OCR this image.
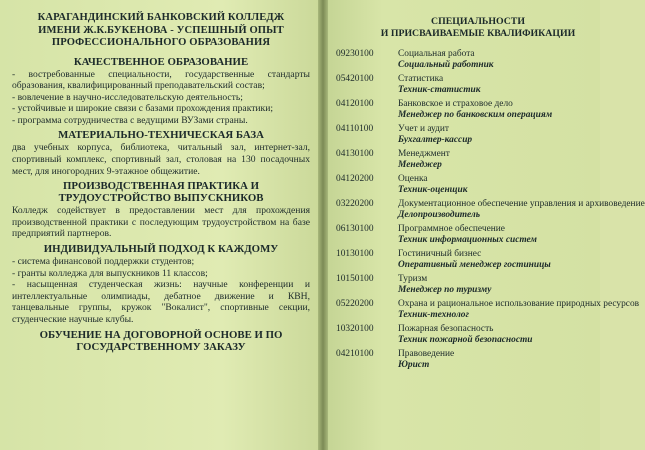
КАРАГАНДИНСКИЙ БАНКОВСКИЙ КОЛЛЕДЖ
ИМЕНИ Ж.К.БУКЕНОВА - УСПЕШНЫЙ ОПЫТ
ПРОФЕССИОНАЛЬНОГО ОБРАЗОВАНИЯ
КАЧЕСТВЕННОЕ ОБРАЗОВАНИЕ
- востребованные специальности, государственные стандарты образования, квалифицированный преподавательский состав;
- вовлечение в научно-исследовательскую деятельность;
- устойчивые и широкие связи с базами прохождения практики;
- программа сотрудничества с ведущими ВУЗами страны.
МАТЕРИАЛЬНО-ТЕХНИЧЕСКАЯ БАЗА

два учебных корпуса, библиотека, читальный зал, интернет-зал, спортивный комплекс, спортивный зал, столовая на 130 посадочных мест, для иногородних 9-этажное общежитие.

ПРОИЗВОДСТВЕННАЯ ПРАКТИКА И
ТРУДОУСТРОЙСТВО ВЫПУСКНИКОВ

Колледж содействует в предоставлении мест для прохождения производственной практики с последующим трудоустройством на базе предприятий партнеров.

ИНДИВИДУАЛЬНЫЙ ПОДХОД К КАЖДОМУ
- система финансовой поддержки студентов;
- гранты колледжа для выпускников 11 классов;
- насыщенная студенческая жизнь: научные конференции и интеллектуальные олимпиады, дебатное движение и КВН, танцевальные группы, кружок "Вокалист", спортивные секции, студенческие научные клубы.
ОБУЧЕНИЕ НА ДОГОВОРНОЙ ОСНОВЕ И ПО
ГОСУДАРСТВЕННОМУ ЗАКАЗУ
СПЕЦИАЛЬНОСТИ
И ПРИСВАИВАЕМЫЕ КВАЛИФИКАЦИИ
09230100	Социальная работа
Социальный работник
05420100	Статистика
Техник-статистик
04120100	Банковское и страховое дело
Менеджер по банковским операциям
04110100	Учет и аудит
Бухгалтер-кассир
04130100	Менеджмент
Менеджер
04120200	Оценка
Техник-оценщик
03220200	Документационное обеспечение управления и архивоведение
Делопроизводитель
06130100	Программное обеспечение
Техник информационных систем
10130100	Гостиничный бизнес
Оперативный менеджер гостиницы
10150100	Туризм
Менеджер по туризму
05220200	Охрана и рациональное использование природных ресурсов
Техник-технолог
10320100	Пожарная безопасность
Техник пожарной безопасности
04210100	Правоведение
Юрист
